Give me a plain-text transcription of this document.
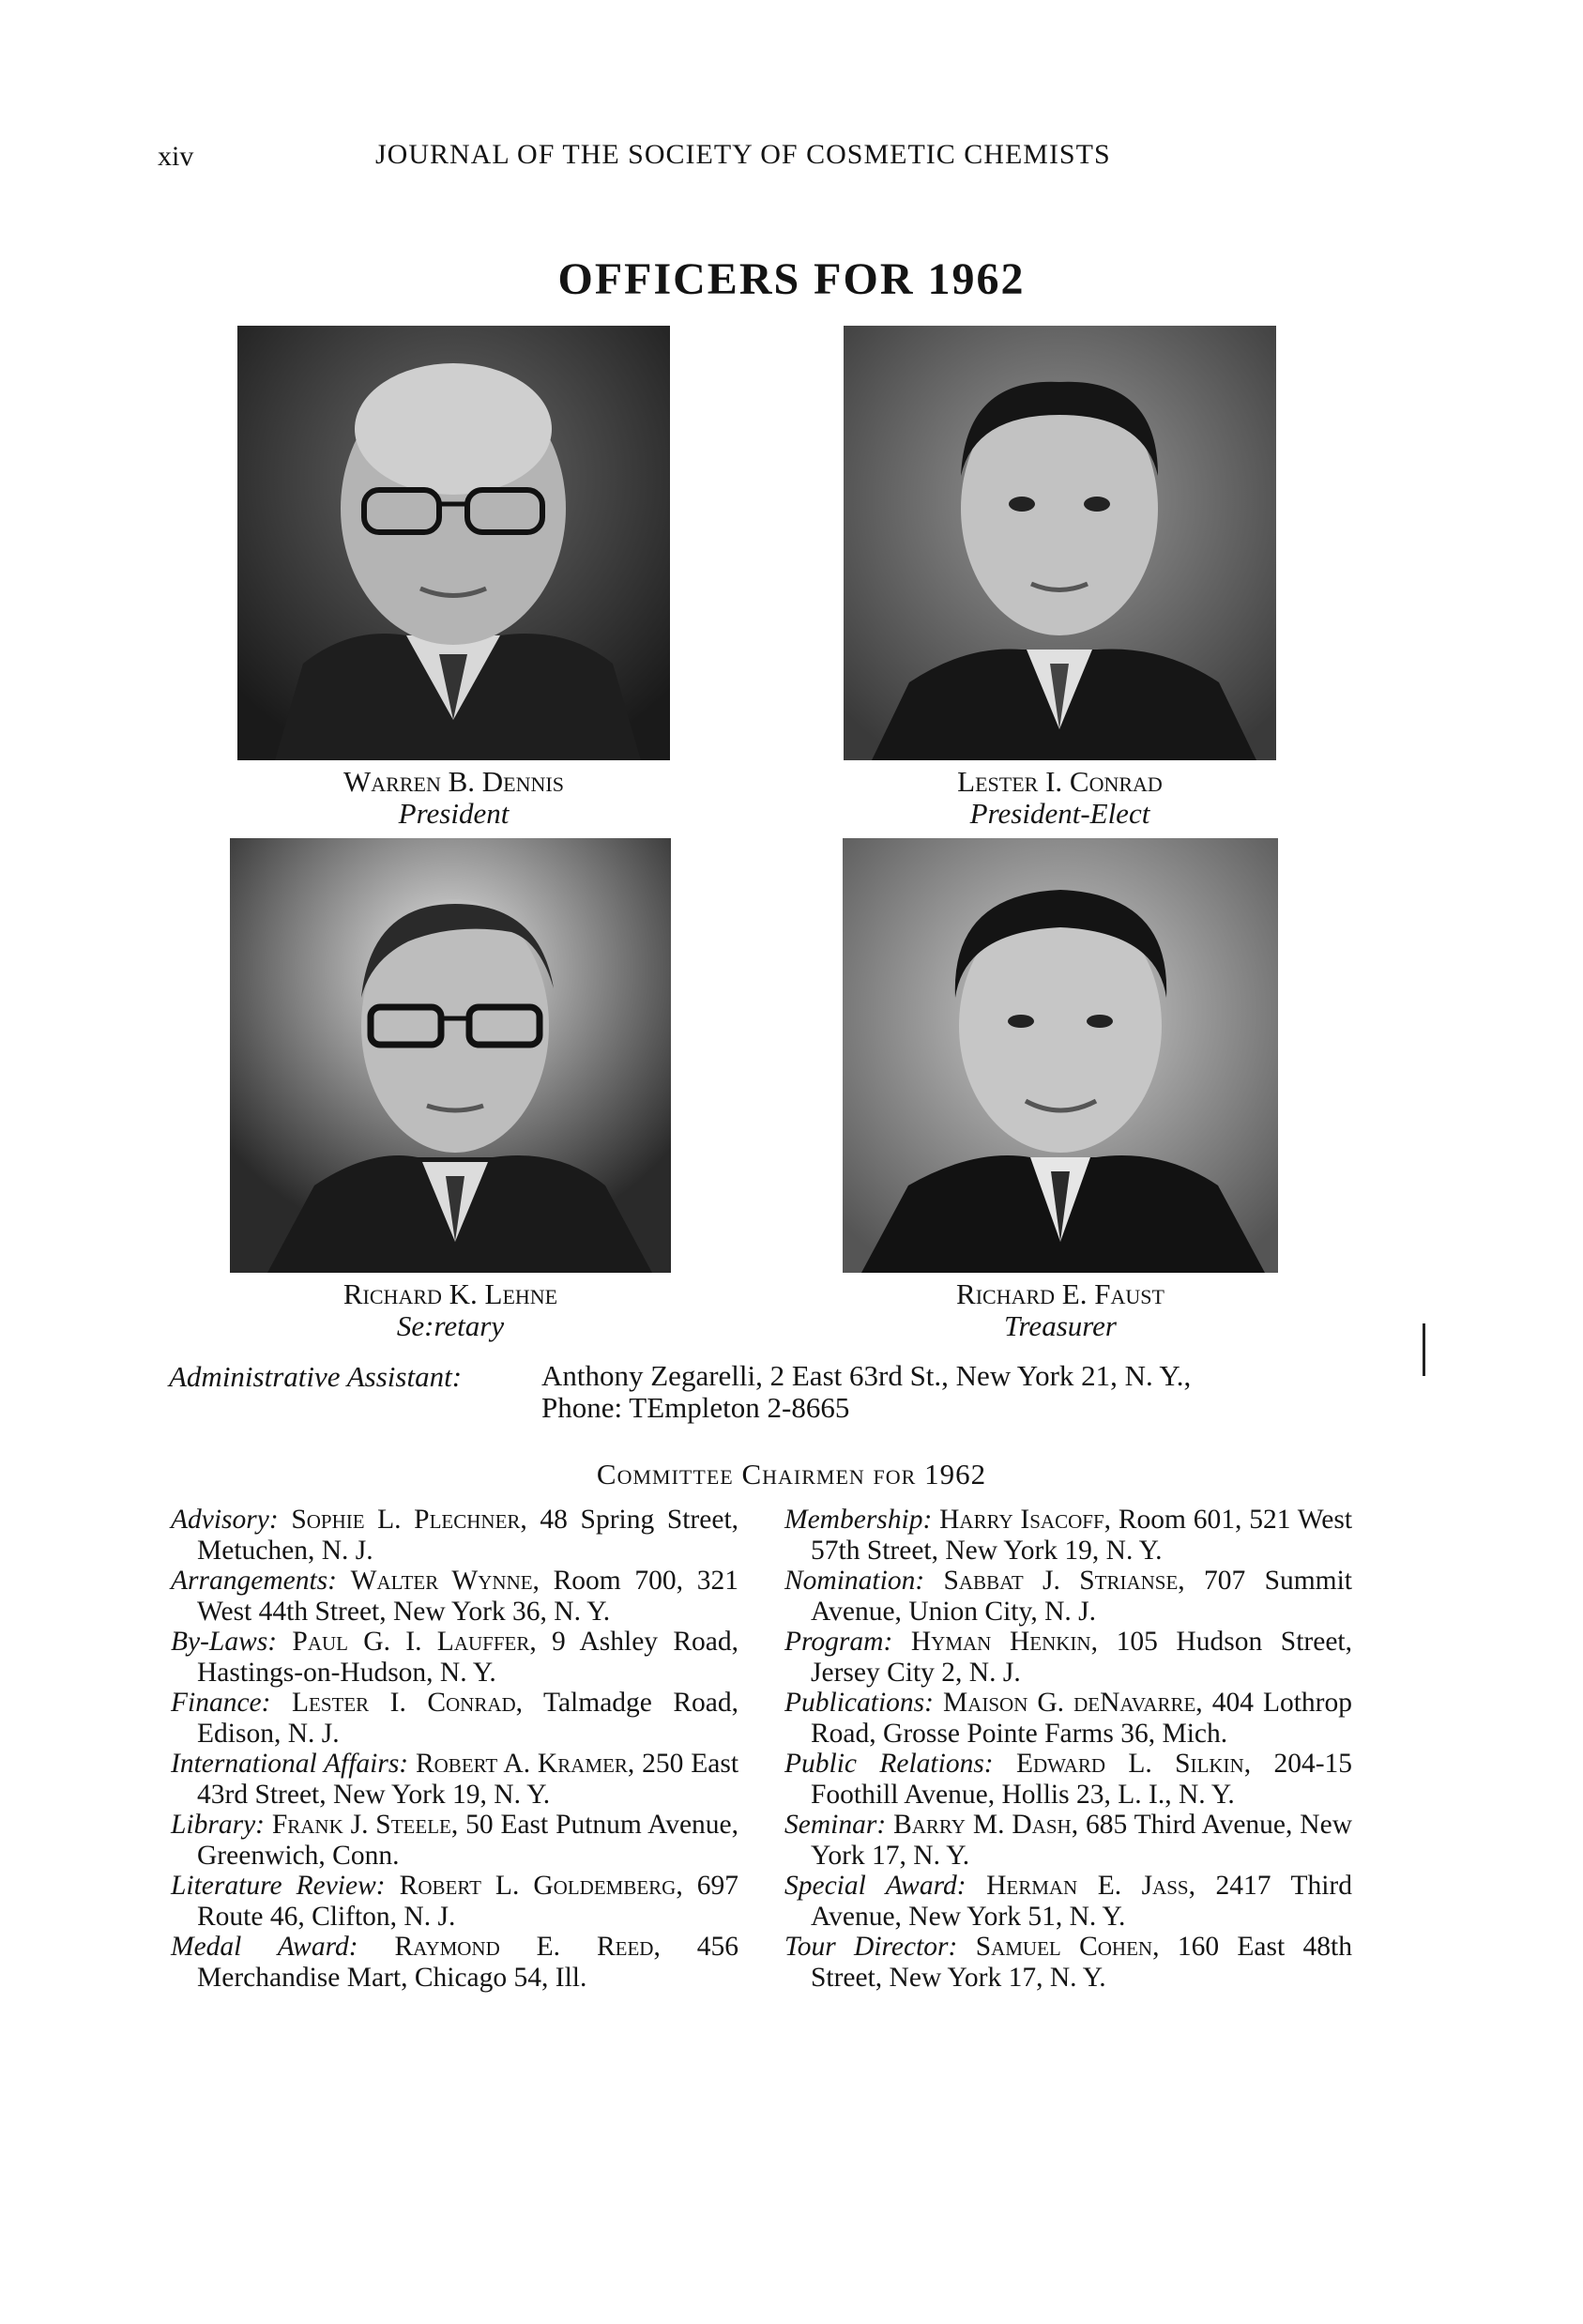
xiv	JOURNAL OF THE SOCIETY OF COSMETIC CHEMISTS
OFFICERS FOR 1962
Warren B. Dennis
President
Lester I. Conrad
President-Elect
Richard K. Lehne
Se:retary
Richard E. Faust
Treasurer
Administrative Assistant:	Anthony Zegarelli, 2 East 63rd St., New York 21, N. Y.,
Phone: TEmpleton 2-8665
Committee Chairmen for 1962

Advisory: Sophie L. Plechner, 48 Spring Street, Metuchen, N. J.

Arrangements: Walter Wynne, Room 700, 321 West 44th Street, New York 36, N. Y.

By-Laws: Paul G. I. Lauffer, 9 Ashley Road, Hastings-on-Hudson, N. Y.

Finance: Lester I. Conrad, Talmadge Road, Edison, N. J.

International Affairs: Robert A. Kramer, 250 East 43rd Street, New York 19, N. Y.

Library: Frank J. Steele, 50 East Putnum Avenue, Greenwich, Conn.

Literature Review: Robert L. Goldemberg, 697 Route 46, Clifton, N. J.

Medal Award: Raymond E. Reed, 456 Merchandise Mart, Chicago 54, Ill.

Membership: Harry Isacoff, Room 601, 521 West 57th Street, New York 19, N. Y.

Nomination: Sabbat J. Strianse, 707 Summit Avenue, Union City, N. J.

Program: Hyman Henkin, 105 Hudson Street, Jersey City 2, N. J.

Publications: Maison G. deNavarre, 404 Lothrop Road, Grosse Pointe Farms 36, Mich.

Public Relations: Edward L. Silkin, 204-15 Foothill Avenue, Hollis 23, L. I., N. Y.

Seminar: Barry M. Dash, 685 Third Avenue, New York 17, N. Y.

Special Award: Herman E. Jass, 2417 Third Avenue, New York 51, N. Y.

Tour Director: Samuel Cohen, 160 East 48th Street, New York 17, N. Y.
